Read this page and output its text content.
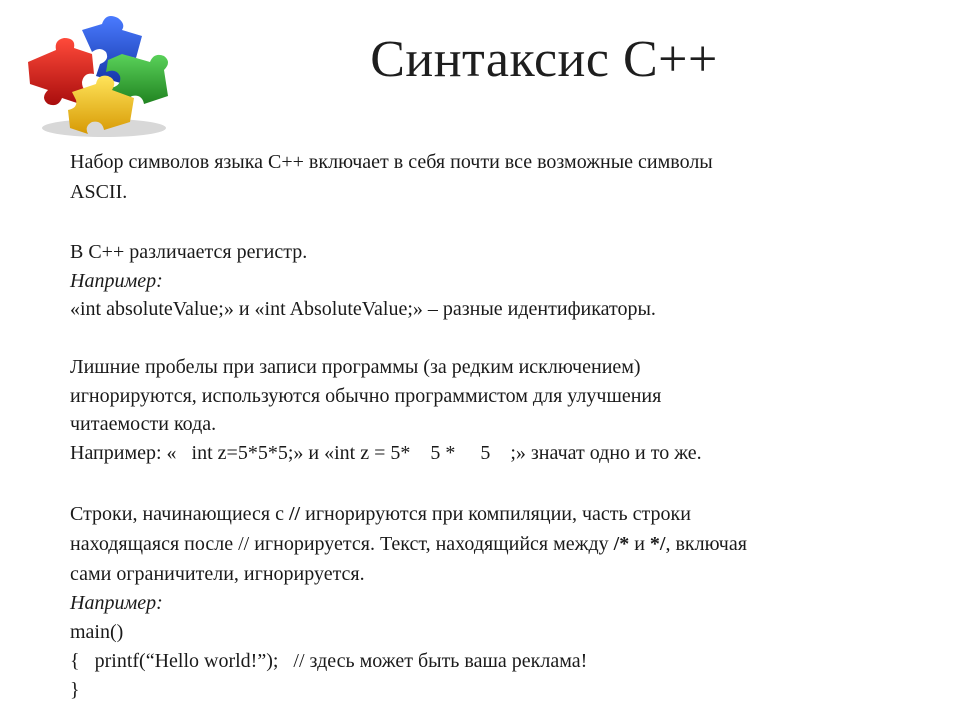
Синтаксис С++
Набор символов языка С++ включает в себя почти все возможные символы
ASCII.
В С++ различается регистр.
Например:
«int absoluteValue;» и «int AbsoluteValue;» – разные идентификаторы.
Лишние пробелы при записи программы (за редким исключением)
игнорируются, используются обычно программистом для улучшения
читаемости кода.
Например: «   int z=5*5*5;» и «int z = 5*    5 *     5    ;» значат одно и то же.
Строки, начинающиеся с // игнорируются при компиляции, часть строки
находящаяся после // игнорируется. Текст, находящийся между /* и */, включая
сами ограничители, игнорируется.
Например:
main()
{   printf(“Hello world!”);   // здесь может быть ваша реклама!
}
